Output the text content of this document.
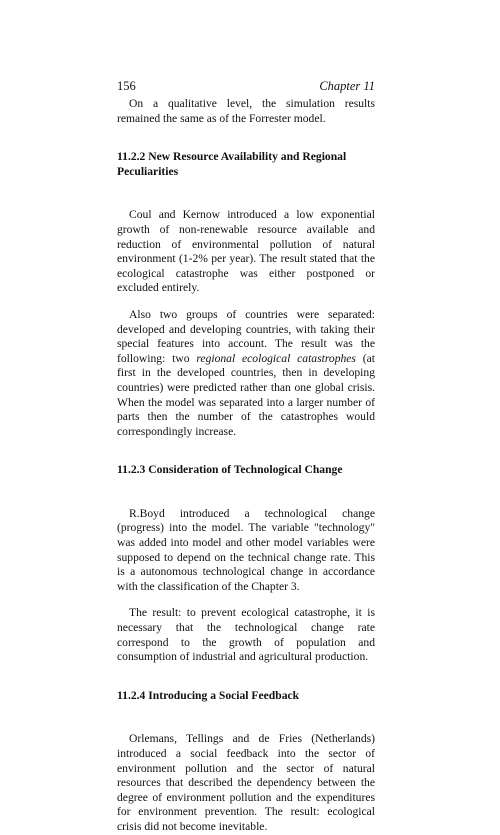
156	Chapter 11

On a qualitative level, the simulation results remained the same as of the Forrester model.

11.2.2 New Resource Availability and Regional Peculiarities

Coul and Kernow introduced a low exponential growth of non-renewable resource available and reduction of environmental pollution of natural environment (1-2% per year). The result stated that the ecological catastrophe was either postponed or excluded entirely.

Also two groups of countries were separated: developed and developing countries, with taking their special features into account. The result was the following: two regional ecological catastrophes (at first in the developed countries, then in developing countries) were predicted rather than one global crisis. When the model was separated into a larger number of parts then the number of the catastrophes would correspondingly increase.

11.2.3 Consideration of Technological Change

R.Boyd introduced a technological change (progress) into the model. The variable "technology" was added into model and other model variables were supposed to depend on the technical change rate. This is a autonomous technological change in accordance with the classification of the Chapter 3.

The result: to prevent ecological catastrophe, it is necessary that the technological change rate correspond to the growth of population and consumption of industrial and agricultural production.

11.2.4 Introducing a Social Feedback

Orlemans, Tellings and de Fries (Netherlands) introduced a social feedback into the sector of environment pollution and the sector of natural resources that described the dependency between the degree of environment pollution and the expenditures for environment prevention. The result: ecological crisis did not become inevitable.
